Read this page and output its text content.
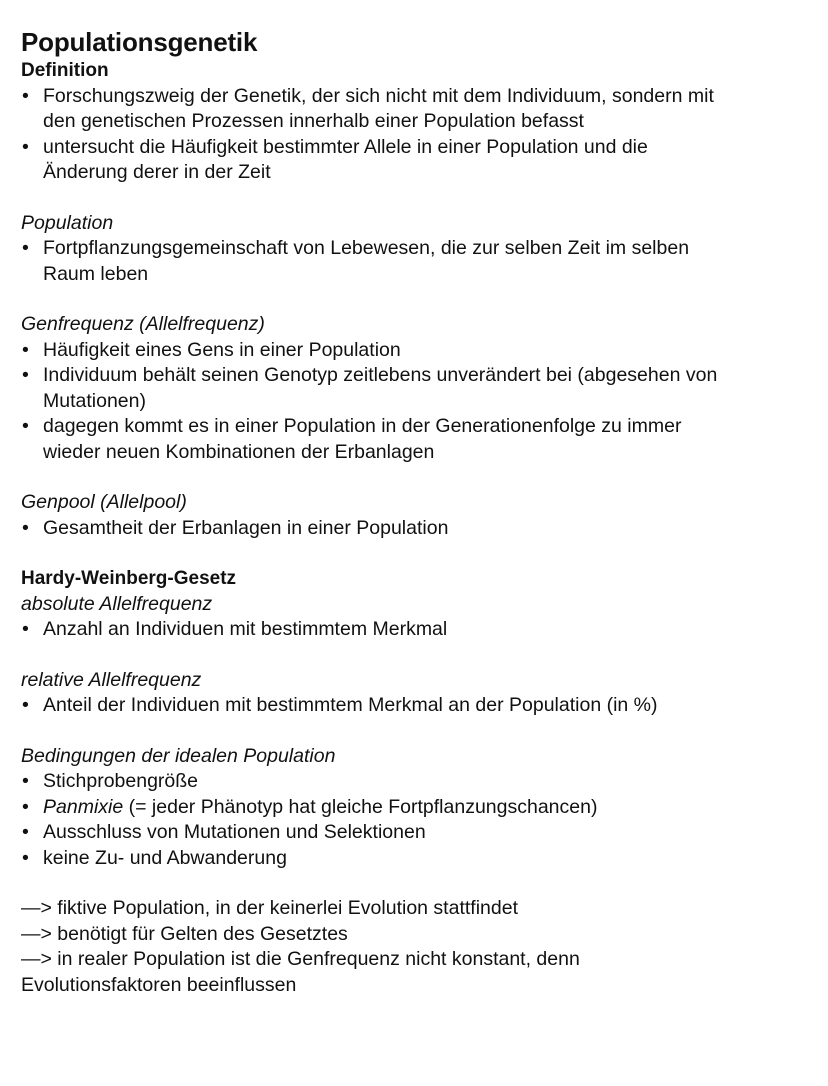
Populationsgenetik

Definition

• Forschungszweig der Genetik, der sich nicht mit dem Individuum, sondern mit
den genetischen Prozessen innerhalb einer Population befasst
• untersucht die Häufigkeit bestimmter Allele in einer Population und die
Änderung derer in der Zeit

Population

• Fortpflanzungsgemeinschaft von Lebewesen, die zur selben Zeit im selben
Raum leben

Genfrequenz (Allelfrequenz)

• Häufigkeit eines Gens in einer Population
• Individuum behält seinen Genotyp zeitlebens unverändert bei (abgesehen von
Mutationen)
• dagegen kommt es in einer Population in der Generationenfolge zu immer
wieder neuen Kombinationen der Erbanlagen

Genpool (Allelpool)

• Gesamtheit der Erbanlagen in einer Population

Hardy-Weinberg-Gesetz

absolute Allelfrequenz

• Anzahl an Individuen mit bestimmtem Merkmal

relative Allelfrequenz

• Anteil der Individuen mit bestimmtem Merkmal an der Population (in %)

Bedingungen der idealen Population

• Stichprobengröße
• Panmixie (= jeder Phänotyp hat gleiche Fortpflanzungschancen)
• Ausschluss von Mutationen und Selektionen
• keine Zu- und Abwanderung

—> fiktive Population, in der keinerlei Evolution stattfindet

—> benötigt für Gelten des Gesetztes

—> in realer Population ist die Genfrequenz nicht konstant, denn

Evolutionsfaktoren beeinflussen
